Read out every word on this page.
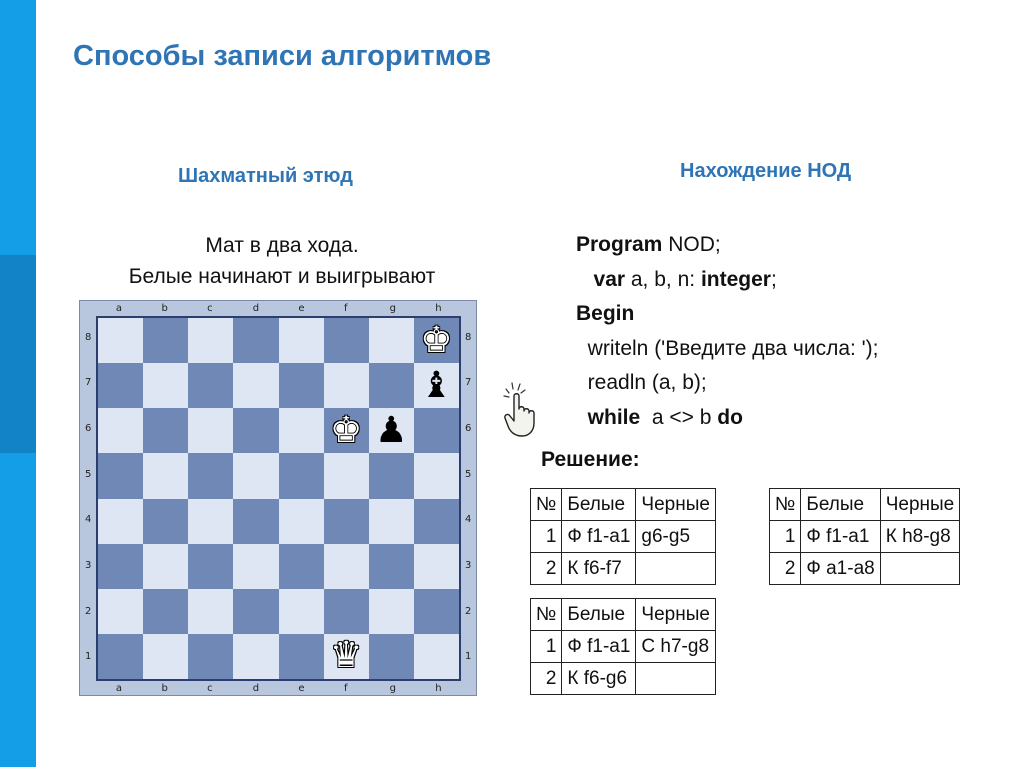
Способы записи алгоритмов
Шахматный этюд
Мат в два хода.
Белые начинают и выигрывают
♚
♝
♚ ♟
♛
a
a
b
b
c
c
d
d
e
e
f
f
g
g
h
h
8	8
7	7
6	6
5	5
4	4
3	3
2	2
1	1
Нахождение НОД
Program NOD;
var a, b, n: integer;
Begin
writeln ('Введите два числа: ');
readln (a, b);
while  a <> b do
Решение:
№	Белые	Черные
1	Ф f1-a1	g6-g5
2	К f6-f7	
№	Белые	Черные
1	Ф f1-a1	К h8-g8
2	Ф a1-a8	
№	Белые	Черные
1	Ф f1-a1	С h7-g8
2	К f6-g6	
